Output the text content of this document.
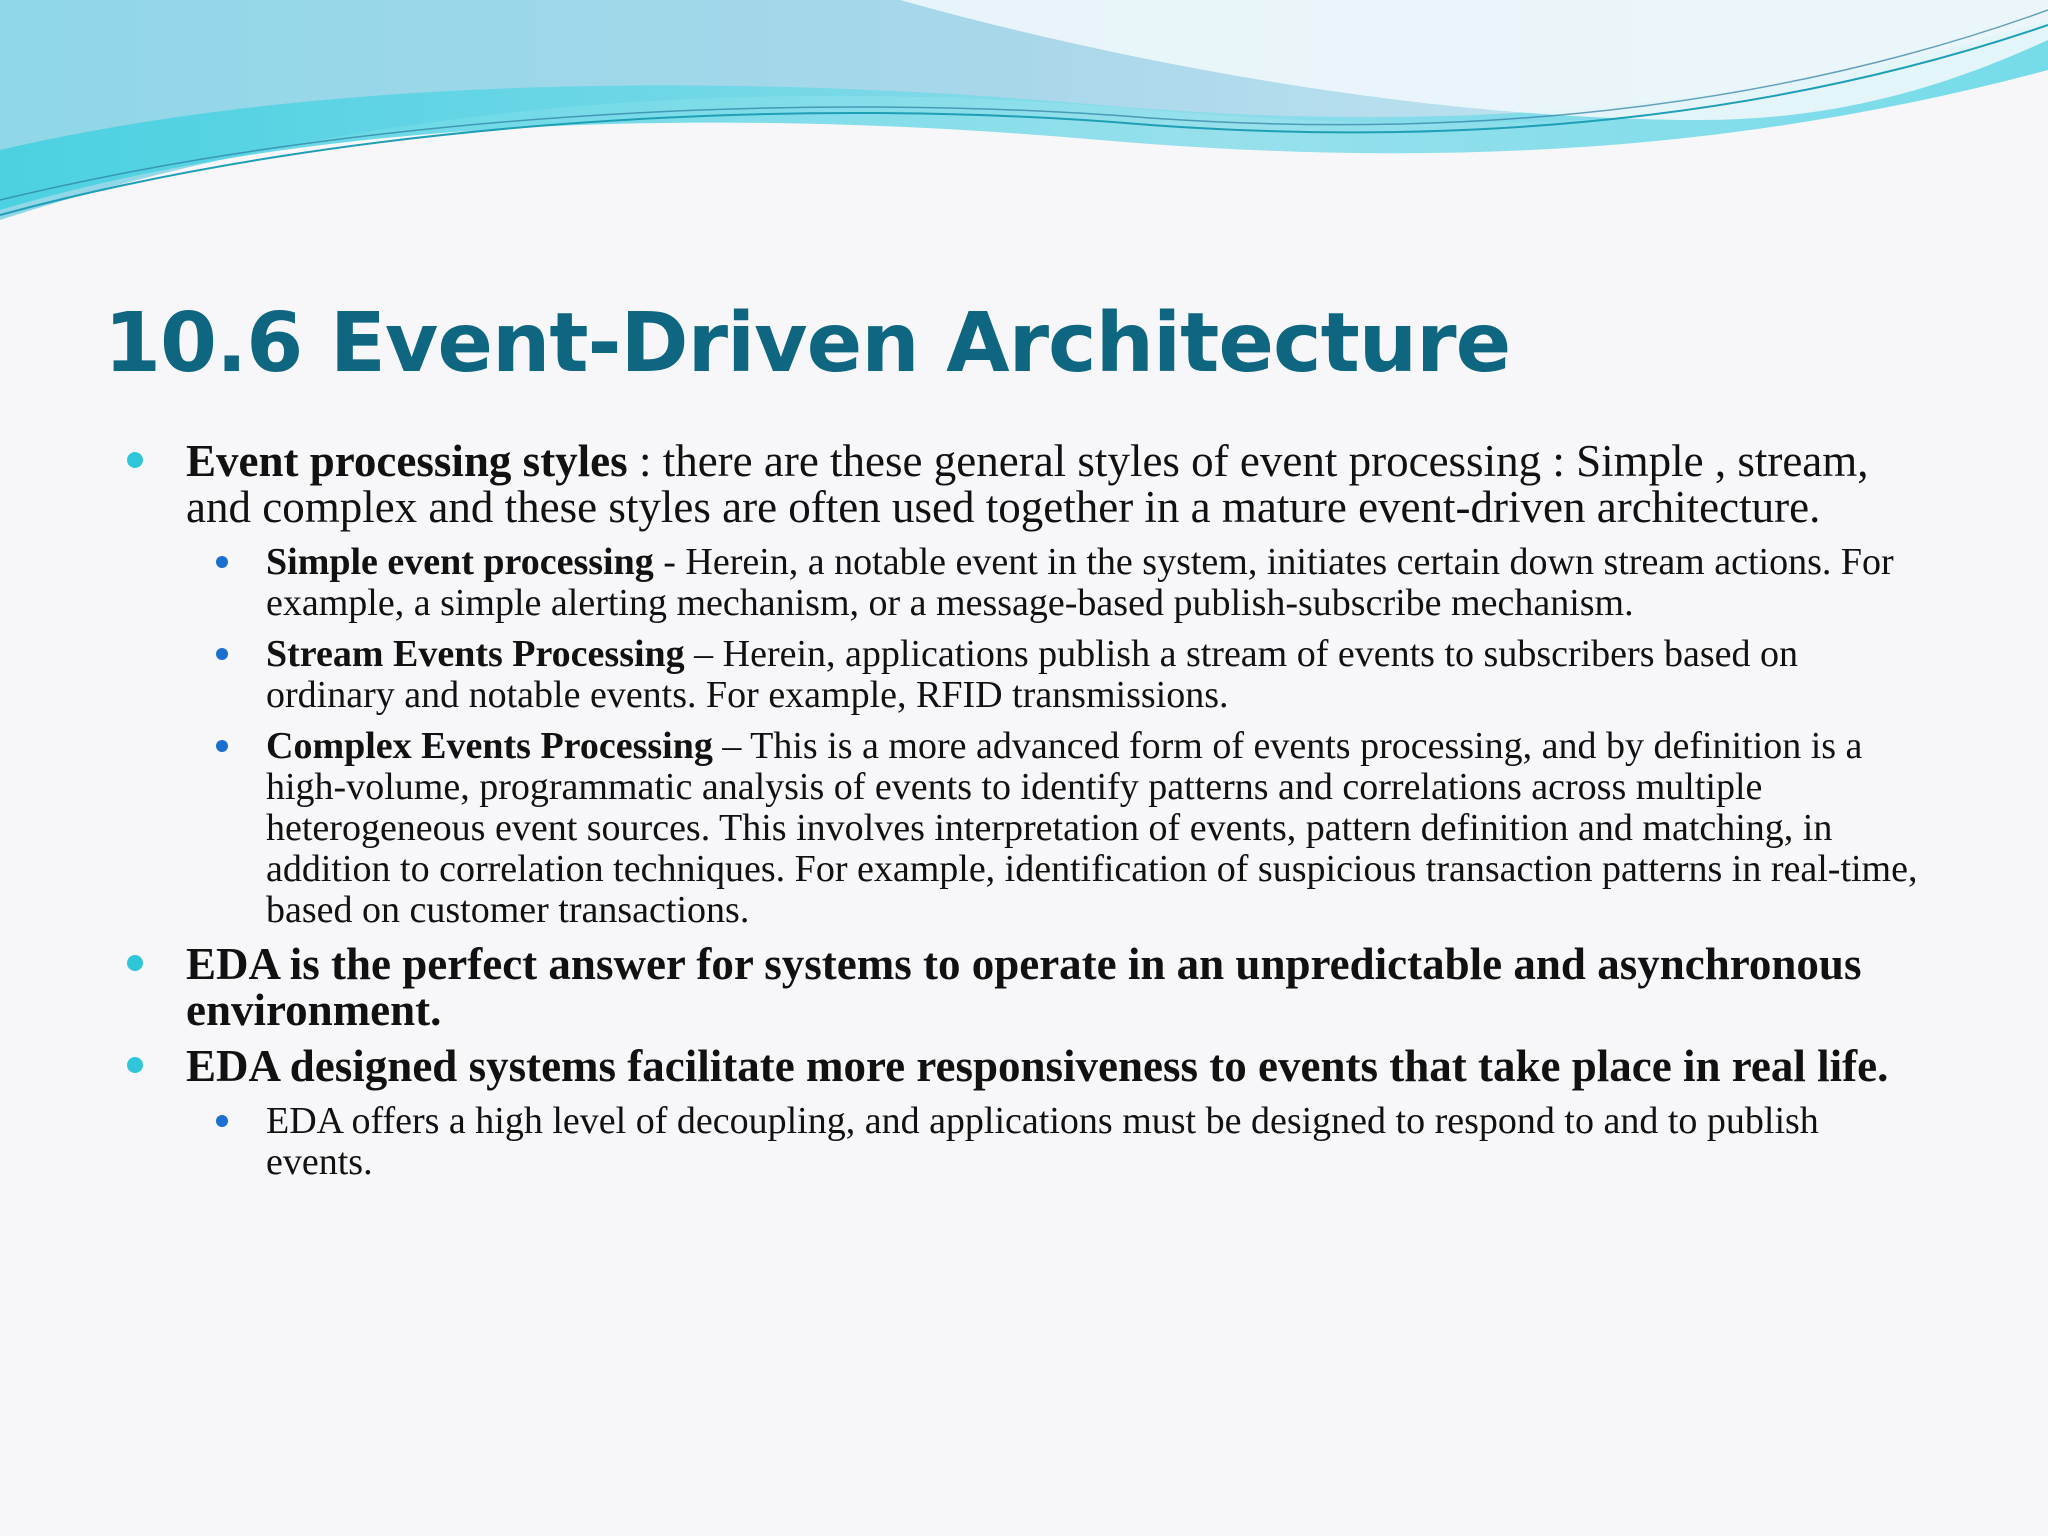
10.6 Event-Driven Architecture
Event processing styles : there are these general styles of event processing : Simple , stream, and complex and these styles are often used together in a mature event-driven architecture.
Simple event processing - Herein, a notable event in the system, initiates certain down stream actions. For example, a simple alerting mechanism, or a message-based publish-subscribe mechanism.
Stream Events Processing – Herein, applications publish a stream of events to subscribers based on ordinary and notable events. For example, RFID transmissions.
Complex Events Processing – This is a more advanced form of events processing, and by definition is a high-volume, programmatic analysis of events to identify patterns and correlations across multiple heterogeneous event sources. This involves interpretation of events, pattern definition and matching, in addition to correlation techniques. For example, identification of suspicious transaction patterns in real-time, based on customer transactions.
EDA is the perfect answer for systems to operate in an unpredictable and asynchronous environment.
EDA designed systems facilitate more responsiveness to events that take place in real life.
EDA offers a high level of decoupling, and applications must be designed to respond to and to publish events.
